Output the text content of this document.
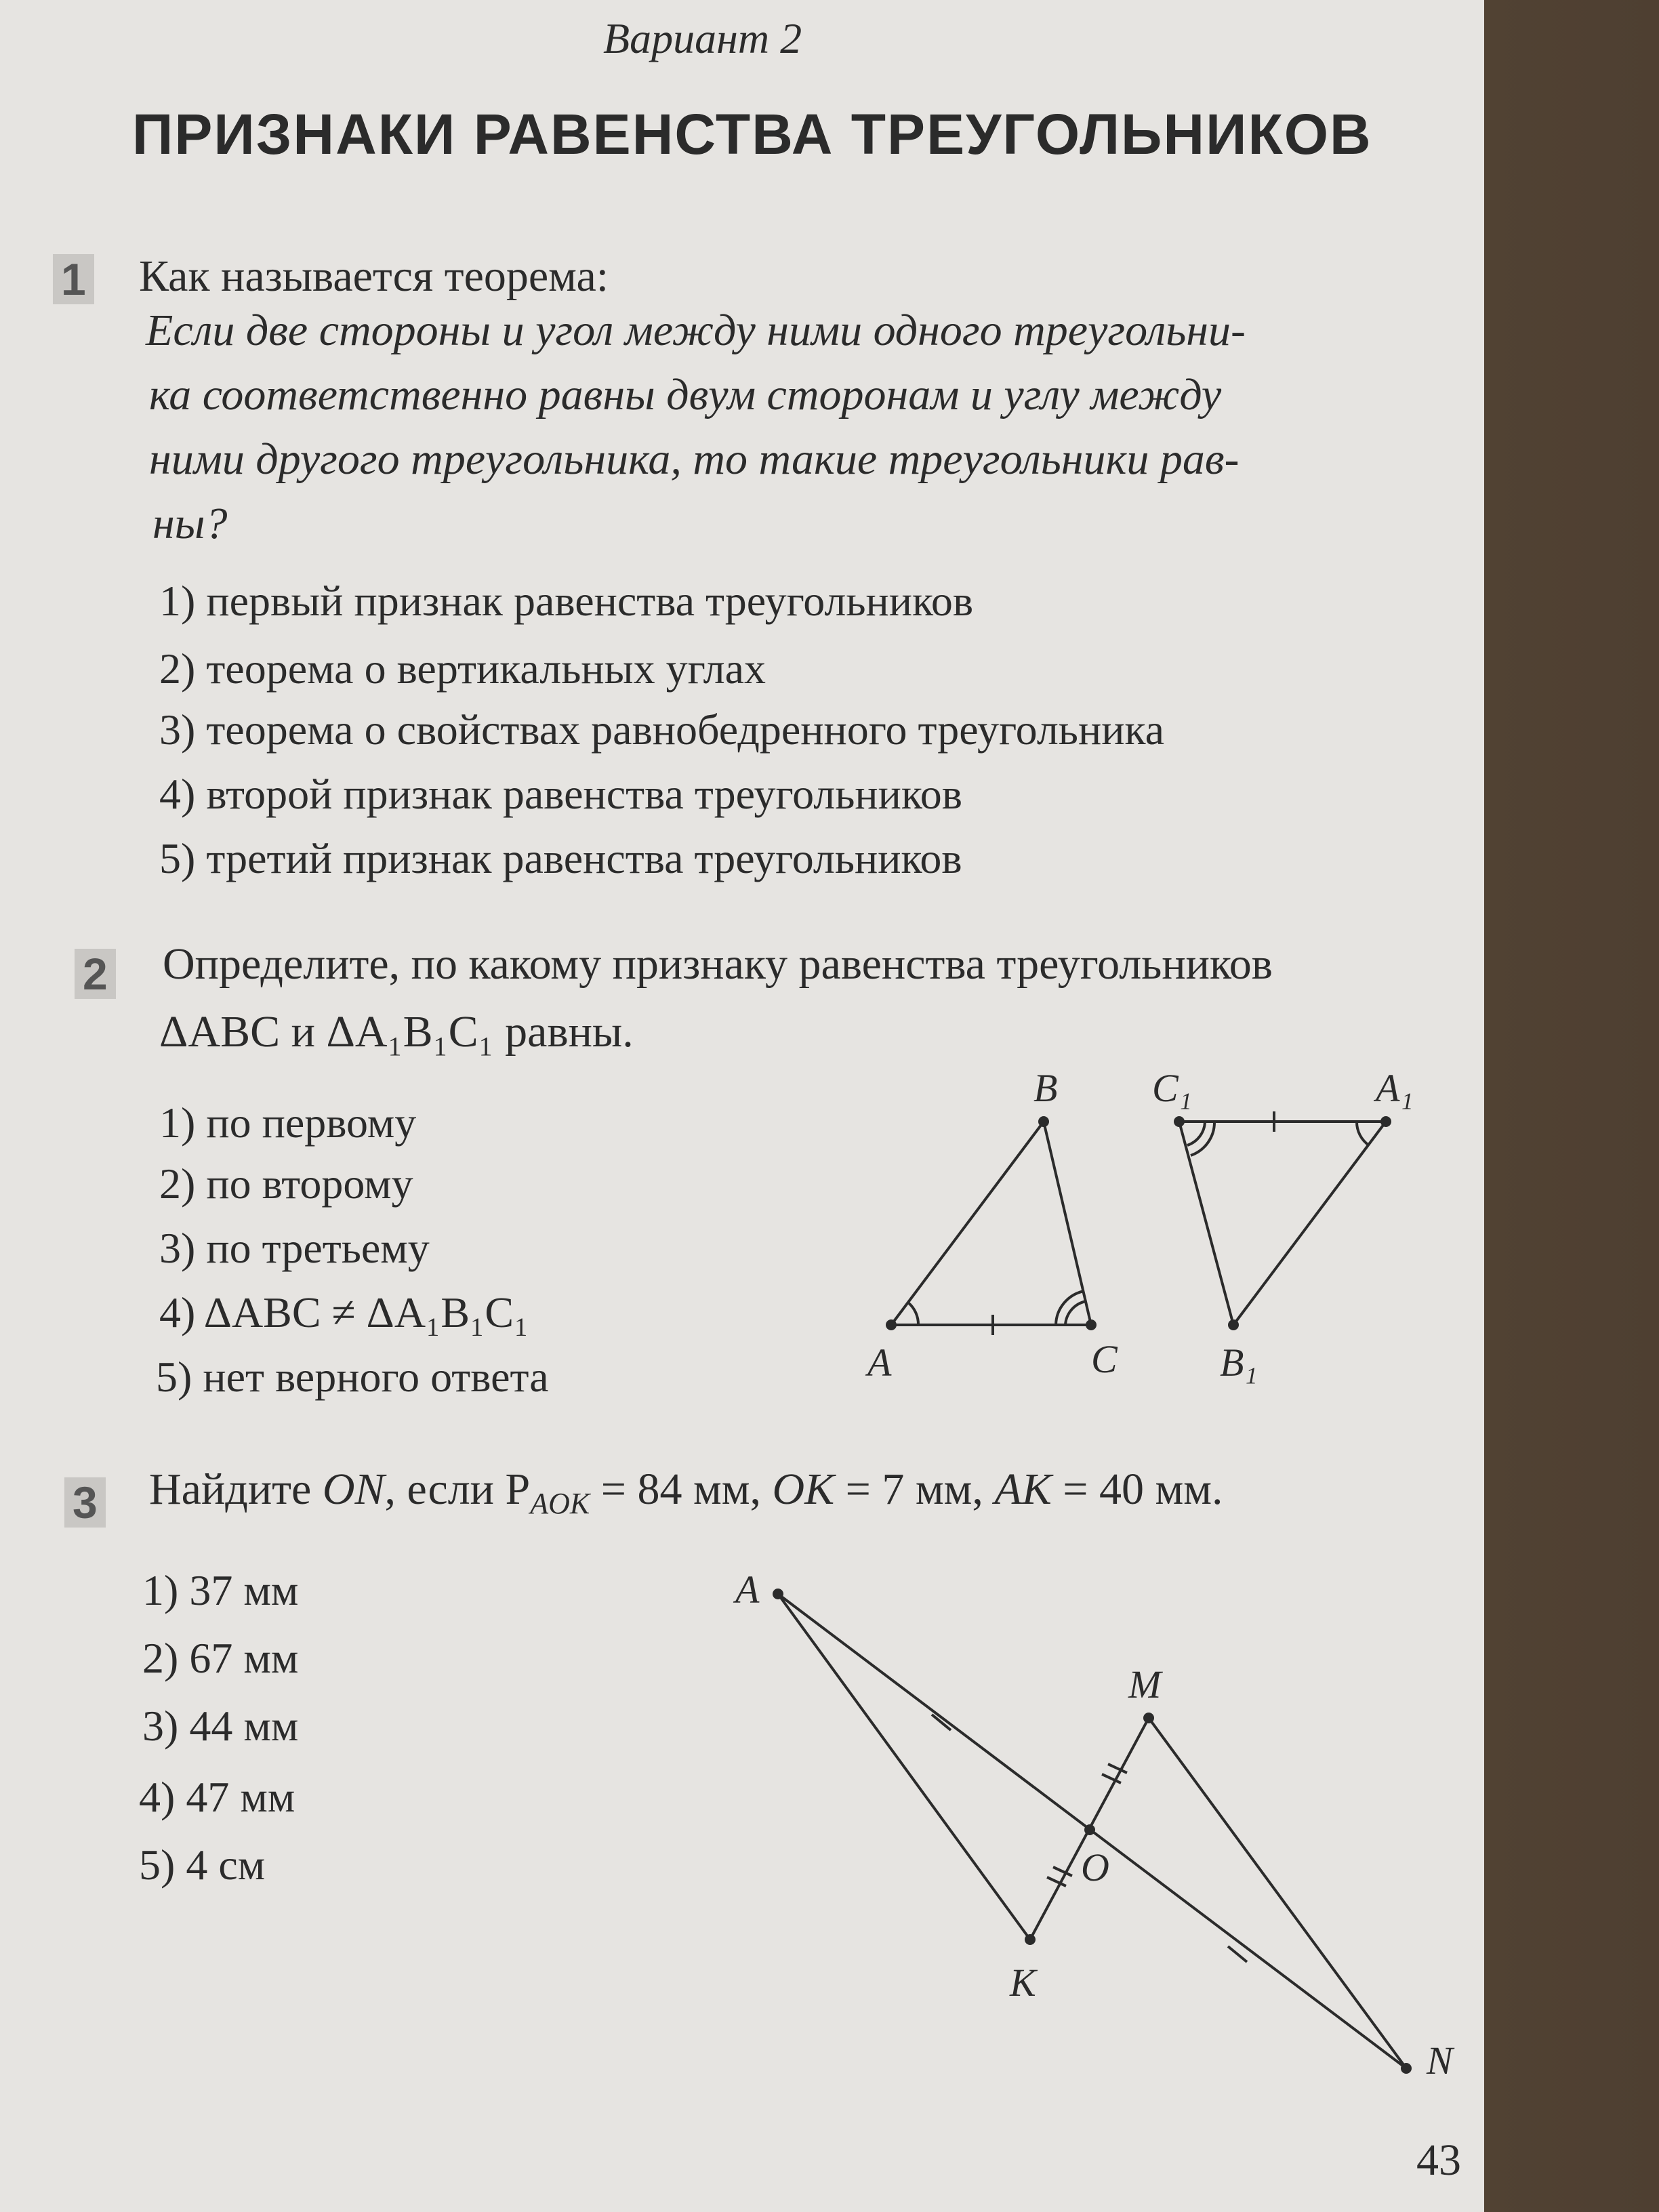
Вариант 2
ПРИЗНАКИ РАВЕНСТВА ТРЕУГОЛЬНИКОВ
1 Как называется теорема:
Если две стороны и угол между ними одного треугольни-
ка соответственно равны двум сторонам и углу между
ними другого треугольника, то такие треугольники рав-
ны?
1) первый признак равенства треугольников
2) теорема о вертикальных углах
3) теорема о свойствах равнобедренного треугольника
4) второй признак равенства треугольников
5) третий признак равенства треугольников
2 Определите, по какому признаку равенства треугольников
ΔABC и ΔA₁B₁C₁ равны.
1) по первому
2) по второму
3) по третьему
4) ΔABC ≠ ΔA₁B₁C₁
5) нет верного ответа
3 Найдите ON, если $P_{AOK} = 84$ мм, OK = 7 мм, AK = 40 мм.
1) 37 мм
2) 67 мм
3) 44 мм
4) 47 мм
5) 4 см
A
B
C
C₁	A₁
B₁
A
K
M
O
N
43
